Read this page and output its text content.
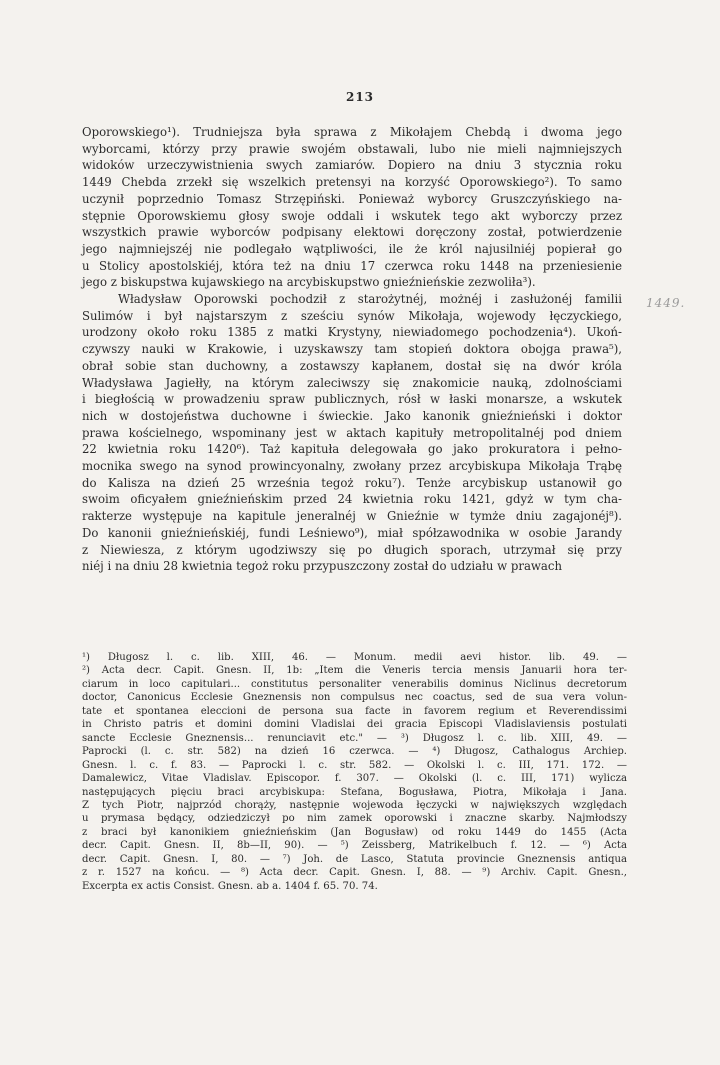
213
1449.
Oporowskiego¹). Trudniejsza była sprawa z Mikołajem Chebdą i dwoma jego
wyborcami, którzy przy prawie swojém obstawali, lubo nie mieli najmniejszych
widoków urzeczywistnienia swych zamiarów. Dopiero na dniu 3 stycznia roku
1449 Chebda zrzekł się wszelkich pretensyi na korzyść Oporowskiego²). To samo
uczynił poprzednio Tomasz Strzępiński. Ponieważ wyborcy Gruszczyńskiego na-
stępnie Oporowskiemu głosy swoje oddali i wskutek tego akt wyborczy przez
wszystkich prawie wyborców podpisany elektowi doręczony został, potwierdzenie
jego najmniejszéj nie podlegało wątpliwości, ile że król najusilniéj popierał go
u Stolicy apostolskiéj, która też na dniu 17 czerwca roku 1448 na przeniesienie
jego z biskupstwa kujawskiego na arcybiskupstwo gnieźnieńskie zezwoliła³).
Władysław Oporowski pochodził z starożytnéj, możnéj i zasłużonéj familii
Sulimów i był najstarszym z sześciu synów Mikołaja, wojewody łęczyckiego,
urodzony około roku 1385 z matki Krystyny, niewiadomego pochodzenia⁴). Ukoń-
czywszy nauki w Krakowie, i uzyskawszy tam stopień doktora obojga prawa⁵),
obrał sobie stan duchowny, a zostawszy kapłanem, dostał się na dwór króla
Władysława Jagiełły, na którym zaleciwszy się znakomicie nauką, zdolnościami
i biegłością w prowadzeniu spraw publicznych, rósł w łaski monarsze, a wskutek
nich w dostojeństwa duchowne i świeckie. Jako kanonik gnieźnieński i doktor
prawa kościelnego, wspominany jest w aktach kapituły metropolitalnéj pod dniem
22 kwietnia roku 1420⁶). Taż kapituła delegowała go jako prokuratora i pełno-
mocnika swego na synod prowincyonalny, zwołany przez arcybiskupa Mikołaja Trąbę
do Kalisza na dzień 25 września tegoż roku⁷). Tenże arcybiskup ustanowił go
swoim oficyałem gnieźnieńskim przed 24 kwietnia roku 1421, gdyż w tym cha-
rakterze występuje na kapitule jeneralnéj w Gnieźnie w tymże dniu zagajonéj⁸).
Do kanonii gnieźnieńskiéj, fundi Leśniewo⁹), miał spółzawodnika w osobie Jarandy
z Niewiesza, z którym ugodziwszy się po długich sporach, utrzymał się przy
niéj i na dniu 28 kwietnia tegoż roku przypuszczony został do udziału w prawach
¹) Długosz l. c. lib. XIII, 46. — Monum. medii aevi histor. lib. 49. —
²) Acta decr. Capit. Gnesn. II, 1b: „Item die Veneris tercia mensis Januarii hora ter-
ciarum in loco capitulari... constitutus personaliter venerabilis dominus Niclinus decretorum
doctor, Canonicus Ecclesie Gneznensis non compulsus nec coactus, sed de sua vera volun-
tate et spontanea eleccioni de persona sua facte in favorem regium et Reverendissimi
in Christo patris et domini domini Vladislai dei gracia Episcopi Vladislaviensis postulati
sancte Ecclesie Gneznensis... renunciavit etc." — ³) Długosz l. c. lib. XIII, 49. —
Paprocki (l. c. str. 582) na dzień 16 czerwca. — ⁴) Długosz, Cathalogus Archiep.
Gnesn. l. c. f. 83. — Paprocki l. c. str. 582. — Okolski l. c. III, 171. 172. —
Damalewicz, Vitae Vladislav. Episcopor. f. 307. — Okolski (l. c. III, 171) wylicza
następujących pięciu braci arcybiskupa: Stefana, Bogusława, Piotra, Mikołaja i Jana.
Z tych Piotr, najprzód chorąży, następnie wojewoda łęczycki w największych względach
u prymasa będący, odziedziczył po nim zamek oporowski i znaczne skarby. Najmłodszy
z braci był kanonikiem gnieźnieńskim (Jan Bogusław) od roku 1449 do 1455 (Acta
decr. Capit. Gnesn. II, 8b—II, 90). — ⁵) Zeissberg, Matrikelbuch f. 12. — ⁶) Acta
decr. Capit. Gnesn. I, 80. — ⁷) Joh. de Lasco, Statuta provincie Gneznensis antiqua
z r. 1527 na końcu. — ⁸) Acta decr. Capit. Gnesn. I, 88. — ⁹) Archiv. Capit. Gnesn.,
Excerpta ex actis Consist. Gnesn. ab a. 1404 f. 65. 70. 74.
